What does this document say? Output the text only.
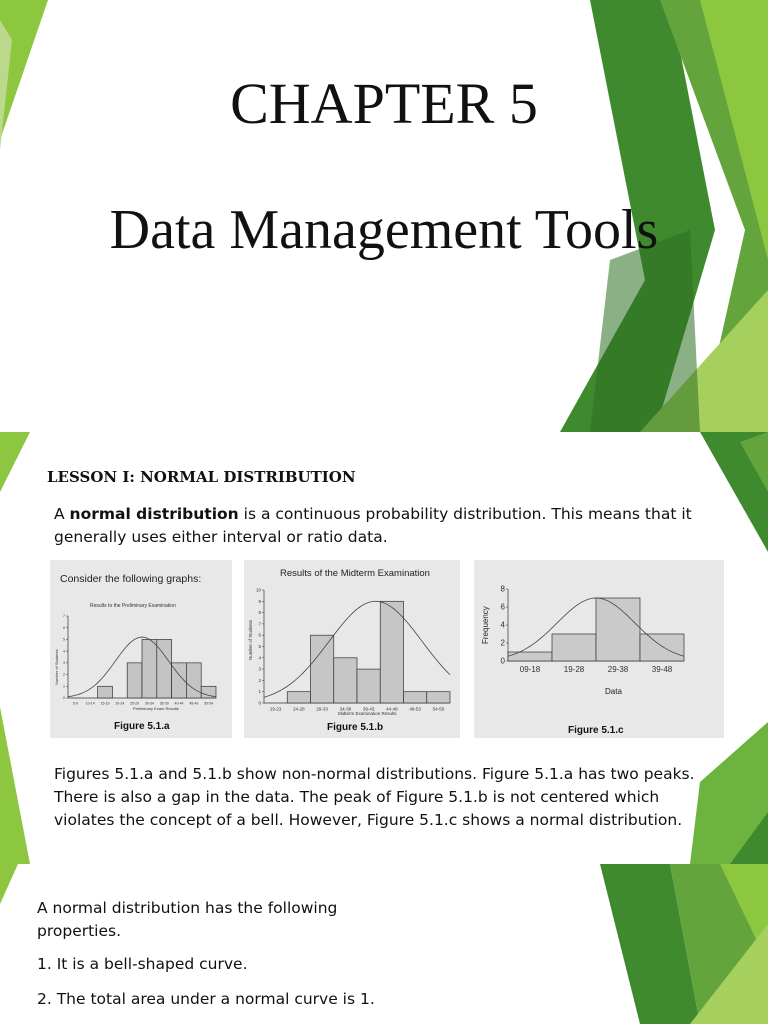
CHAPTER 5
Data Management Tools
LESSON I: NORMAL DISTRIBUTION
A normal distribution is a continuous probability distribution. This means that it generally uses either interval or ratio data.
Consider the following graphs:
Results to the Preliminary Examination
0
1
2
3
4
5
6
7
5-9 10-14 15-19 20-24 25-29 30-34 35-39 40-44 45-49 50-54
Number of Students
Preliminary Exam Results
Figure 5.1.a
Results of the Midterm Examination
0
1
2
3
4
5
6
7
8
9
10
19-23	24-28	29-33	34-38	39-43	44-48	49-53	54-59
Number of Students
Midterm Examination Results
Figure 5.1.b
0
2
4
6
8
09-18	19-28	29-38	39-48
Frequency
Data
Figure 5.1.c
Figures 5.1.a and 5.1.b show non-normal distributions. Figure 5.1.a has two peaks. There is also a gap in the data. The peak of Figure 5.1.b is not centered which violates the concept of a bell. However, Figure 5.1.c shows a normal distribution.
A normal distribution has the following properties.
1. It is a bell-shaped curve.
2. The total area under a normal curve is 1.
